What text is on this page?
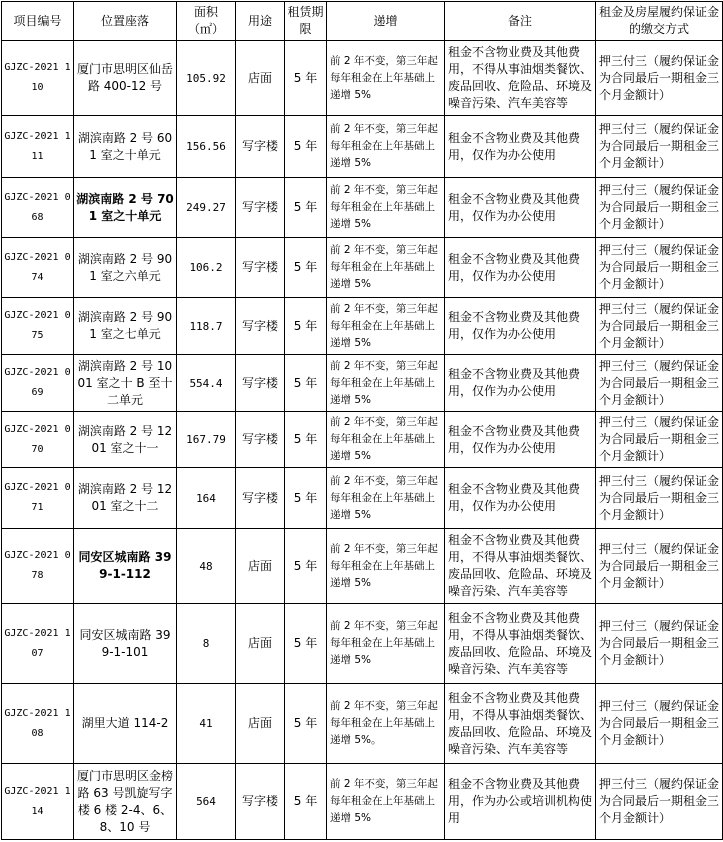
项目编号	位置座落	面积（㎡）	用途	租赁期限	递增	备注	租金及房屋履约保证金的缴交方式
GJZC-2021 110	厦门市思明区仙岳路 400-12 号	105.92	店面	5 年	前 2 年不变，第三年起每年租金在上年基础上递增 5%	租金不含物业费及其他费用，不得从事油烟类餐饮、废品回收、危险品、环境及噪音污染、汽车美容等	押三付三（履约保证金为合同最后一期租金三个月金额计）
GJZC-2021 111	湖滨南路 2 号 601 室之十单元	156.56	写字楼	5 年	前 2 年不变，第三年起每年租金在上年基础上递增 5%	租金不含物业费及其他费用，仅作为办公使用	押三付三（履约保证金为合同最后一期租金三个月金额计）
GJZC-2021 068	湖滨南路 2 号 701 室之十单元	249.27	写字楼	5 年	前 2 年不变，第三年起每年租金在上年基础上递增 5%	租金不含物业费及其他费用，仅作为办公使用	押三付三（履约保证金为合同最后一期租金三个月金额计）
GJZC-2021 074	湖滨南路 2 号 901 室之六单元	106.2	写字楼	5 年	前 2 年不变，第三年起每年租金在上年基础上递增 5%	租金不含物业费及其他费用，仅作为办公使用	押三付三（履约保证金为合同最后一期租金三个月金额计）
GJZC-2021 075	湖滨南路 2 号 901 室之七单元	118.7	写字楼	5 年	前 2 年不变，第三年起每年租金在上年基础上递增 5%	租金不含物业费及其他费用，仅作为办公使用	押三付三（履约保证金为合同最后一期租金三个月金额计）
GJZC-2021 069	湖滨南路 2 号 1001 室之十 B 至十二单元	554.4	写字楼	5 年	前 2 年不变，第三年起每年租金在上年基础上递增 5%	租金不含物业费及其他费用，仅作为办公使用	押三付三（履约保证金为合同最后一期租金三个月金额计）
GJZC-2021 070	湖滨南路 2 号 1201 室之十一	167.79	写字楼	5 年	前 2 年不变，第三年起每年租金在上年基础上递增 5%	租金不含物业费及其他费用，仅作为办公使用	押三付三（履约保证金为合同最后一期租金三个月金额计）
GJZC-2021 071	湖滨南路 2 号 1201 室之十二	164	写字楼	5 年	前 2 年不变，第三年起每年租金在上年基础上递增 5%	租金不含物业费及其他费用，仅作为办公使用	押三付三（履约保证金为合同最后一期租金三个月金额计）
GJZC-2021 078	同安区城南路 399-1-112	48	店面	5 年	前 2 年不变，第三年起每年租金在上年基础上递增 5%	租金不含物业费及其他费用，不得从事油烟类餐饮、废品回收、危险品、环境及噪音污染、汽车美容等	押三付三（履约保证金为合同最后一期租金三个月金额计）
GJZC-2021 107	同安区城南路 399-1-101	8	店面	5 年	前 2 年不变，第三年起每年租金在上年基础上递增 5%	租金不含物业费及其他费用，不得从事油烟类餐饮、废品回收、危险品、环境及噪音污染、汽车美容等	押三付三（履约保证金为合同最后一期租金三个月金额计）
GJZC-2021 108	湖里大道 114-2	41	店面	5 年	前 2 年不变，第三年起每年租金在上年基础上递增 5%。	租金不含物业费及其他费用，不得从事油烟类餐饮、废品回收、危险品、环境及噪音污染、汽车美容等	押三付三（履约保证金为合同最后一期租金三个月金额计）
GJZC-2021 114	厦门市思明区金榜路 63 号凯旋写字楼 6 楼 2-4、6、8、10 号	564	写字楼	5 年	前 2 年不变，第三年起每年租金在上年基础上递增 5%	租金不含物业费及其他费用，作为办公或培训机构使用	押三付三（履约保证金为合同最后一期租金三个月金额计）
